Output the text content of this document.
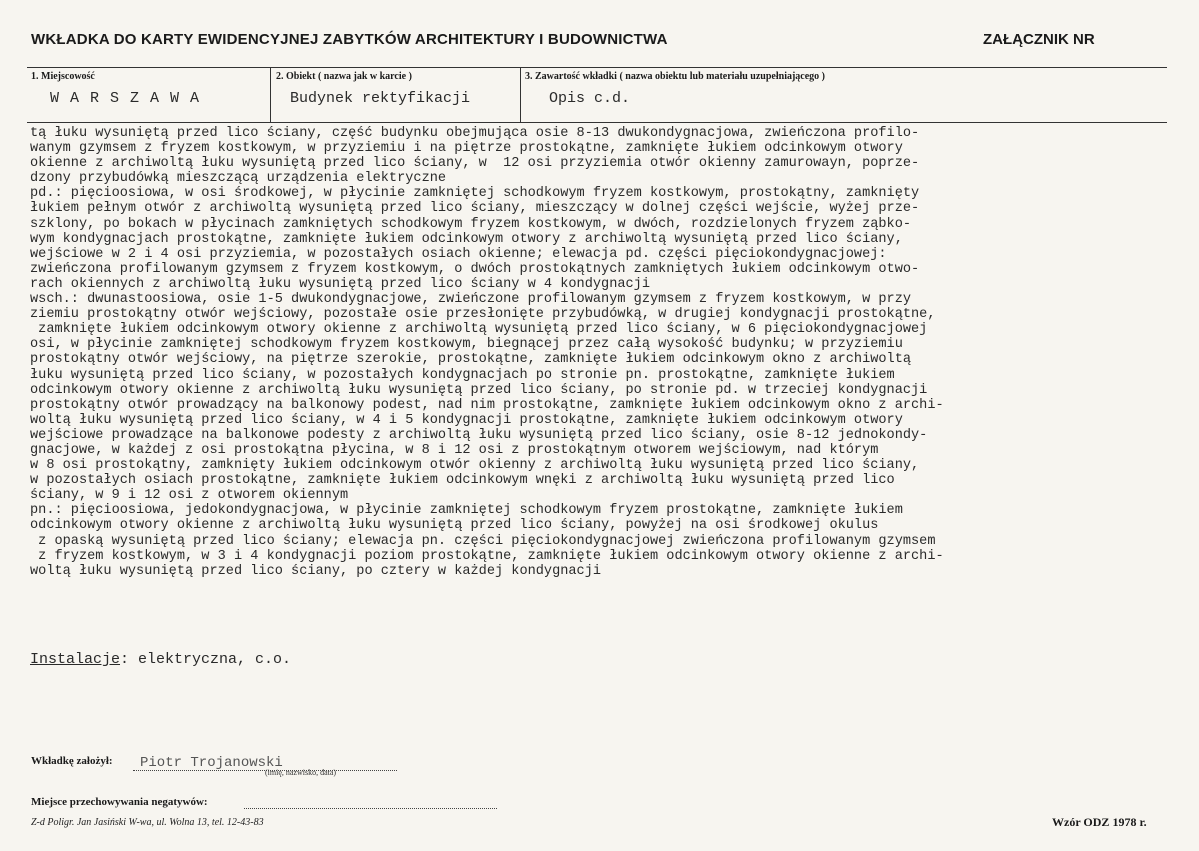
WKŁADKA DO KARTY EWIDENCYJNEJ ZABYTKÓW ARCHITEKTURY I BUDOWNICTWA	ZAŁĄCZNIK NR
1. Miejscowość
WARSZAWA
2. Obiekt ( nazwa jak w karcie )
Budynek rektyfikacji
3. Zawartość wkładki ( nazwa obiektu lub materiału uzupełniającego )
Opis c.d.
tą łuku wysuniętą przed lico ściany, część budynku obejmująca osie 8-13 dwukondygnacjowa, zwieńczona profilo-
wanym gzymsem z fryzem kostkowym, w przyziemiu i na piętrze prostokątne, zamknięte łukiem odcinkowym otwory
okienne z archiwoltą łuku wysuniętą przed lico ściany, w  12 osi przyziemia otwór okienny zamurowayn, poprze-
dzony przybudówką mieszczącą urządzenia elektryczne
pd.: pięcioosiowa, w osi środkowej, w płycinie zamkniętej schodkowym fryzem kostkowym, prostokątny, zamknięty
łukiem pełnym otwór z archiwoltą wysuniętą przed lico ściany, mieszczący w dolnej części wejście, wyżej prze-
szklony, po bokach w płycinach zamkniętych schodkowym fryzem kostkowym, w dwóch, rozdzielonych fryzem ząbko-
wym kondygnacjach prostokątne, zamknięte łukiem odcinkowym otwory z archiwoltą wysuniętą przed lico ściany,
wejściowe w 2 i 4 osi przyziemia, w pozostałych osiach okienne; elewacja pd. części pięciokondygnacjowej:
zwieńczona profilowanym gzymsem z fryzem kostkowym, o dwóch prostokątnych zamkniętych łukiem odcinkowym otwo-
rach okiennych z archiwoltą łuku wysuniętą przed lico ściany w 4 kondygnacji
wsch.: dwunastoosiowa, osie 1-5 dwukondygnacjowe, zwieńczone profilowanym gzymsem z fryzem kostkowym, w przy
ziemiu prostokątny otwór wejściowy, pozostałe osie przesłonięte przybudówką, w drugiej kondygnacji prostokątne,
zamknięte łukiem odcinkowym otwory okienne z archiwoltą wysuniętą przed lico ściany, w 6 pięciokondygnacjowej
osi, w płycinie zamkniętej schodkowym fryzem kostkowym, biegnącej przez całą wysokość budynku; w przyziemiu
prostokątny otwór wejściowy, na piętrze szerokie, prostokątne, zamknięte łukiem odcinkowym okno z archiwoltą
łuku wysuniętą przed lico ściany, w pozostałych kondygnacjach po stronie pn. prostokątne, zamknięte łukiem
odcinkowym otwory okienne z archiwoltą łuku wysuniętą przed lico ściany, po stronie pd. w trzeciej kondygnacji
prostokątny otwór prowadzący na balkonowy podest, nad nim prostokątne, zamknięte łukiem odcinkowym okno z archi-
woltą łuku wysuniętą przed lico ściany, w 4 i 5 kondygnacji prostokątne, zamknięte łukiem odcinkowym otwory
wejściowe prowadzące na balkonowe podesty z archiwoltą łuku wysuniętą przed lico ściany, osie 8-12 jednokondy-
gnacjowe, w każdej z osi prostokątna płycina, w 8 i 12 osi z prostokątnym otworem wejściowym, nad którym
w 8 osi prostokątny, zamknięty łukiem odcinkowym otwór okienny z archiwoltą łuku wysuniętą przed lico ściany,
w pozostałych osiach prostokątne, zamknięte łukiem odcinkowym wnęki z archiwoltą łuku wysuniętą przed lico
ściany, w 9 i 12 osi z otworem okiennym
pn.: pięcioosiowa, jedokondygnacjowa, w płycinie zamkniętej schodkowym fryzem prostokątne, zamknięte łukiem
odcinkowym otwory okienne z archiwoltą łuku wysuniętą przed lico ściany, powyżej na osi środkowej okulus
z opaską wysuniętą przed lico ściany; elewacja pn. części pięciokondygnacjowej zwieńczona profilowanym gzymsem
z fryzem kostkowym, w 3 i 4 kondygnacji poziom prostokątne, zamknięte łukiem odcinkowym otwory okienne z archi-
woltą łuku wysuniętą przed lico ściany, po cztery w każdej kondygnacji
Instalacje: elektryczna, c.o.
Wkładkę założył: Piotr Trojanowski
(imię, nazwisko, data)
Miejsce przechowywania negatywów:
Z-d Poligr. Jan Jasiński W-wa, ul. Wolna 13, tel. 12-43-83	Wzór ODZ 1978 r.
